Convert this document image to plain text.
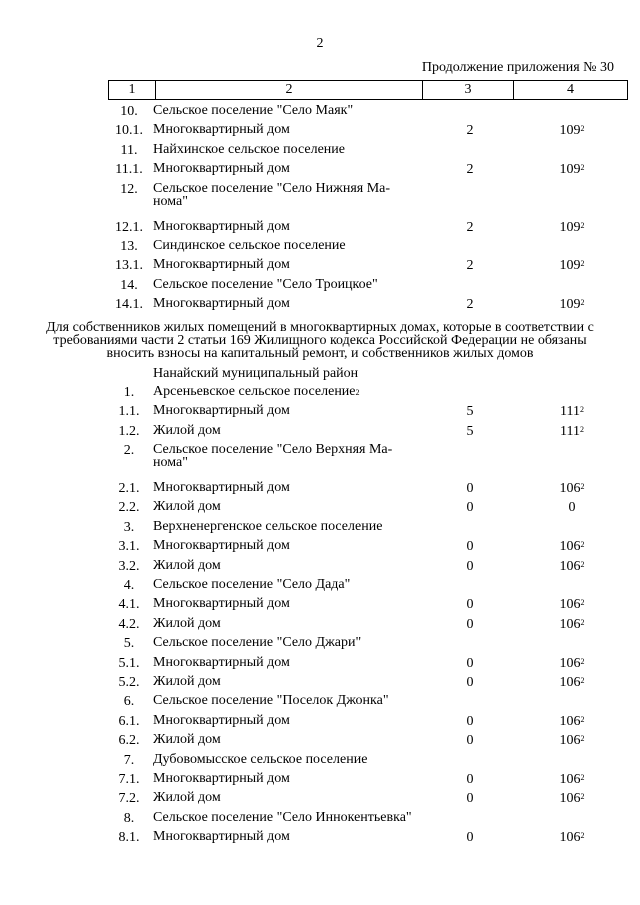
2
Продолжение приложения № 30
1	2	3	4
10.	Сельское поселение "Село Маяк"
10.1. Многоквартирный дом	2	$109^2$
11.	Найхинское сельское поселение
11.1. Многоквартирный дом	2	$109^2$
12.	Сельское поселение "Село Нижняя Ма-
нома"
12.1. Многоквартирный дом	2	$109^2$
13.	Синдинское сельское поселение
13.1. Многоквартирный дом	2	$109^2$
14.	Сельское поселение "Село Троицкое"
14.1. Многоквартирный дом	2	$109^2$
Для собственников жилых помещений в многоквартирных домах, которые в соответствии с требованиями части 2 статьи 169 Жилищного кодекса Российской Федерации не обязаны вносить взносы на капитальный ремонт, и собственников жилых домов
Нанайский муниципальный район
1.	Арсеньевское сельское поселение$^2$
1.1. Многоквартирный дом	5	$111^2$
1.2. Жилой дом	5	$111^2$
2.	Сельское поселение "Село Верхняя Ма-
нома"
2.1. Многоквартирный дом	0	$106^2$
2.2. Жилой дом	0	0
3.	Верхненергенское сельское поселение
3.1. Многоквартирный дом	0	$106^2$
3.2. Жилой дом	0	$106^2$
4.	Сельское поселение "Село Дада"
4.1. Многоквартирный дом	0	$106^2$
4.2. Жилой дом	0	$106^2$
5.	Сельское поселение "Село Джари"
5.1. Многоквартирный дом	0	$106^2$
5.2. Жилой дом	0	$106^2$
6.	Сельское поселение "Поселок Джонка"
6.1. Многоквартирный дом	0	$106^2$
6.2. Жилой дом	0	$106^2$
7.	Дубовомысское сельское поселение
7.1. Многоквартирный дом	0	$106^2$
7.2. Жилой дом	0	$106^2$
8.	Сельское поселение "Село Иннокентьевка"
8.1. Многоквартирный дом	0	$106^2$
